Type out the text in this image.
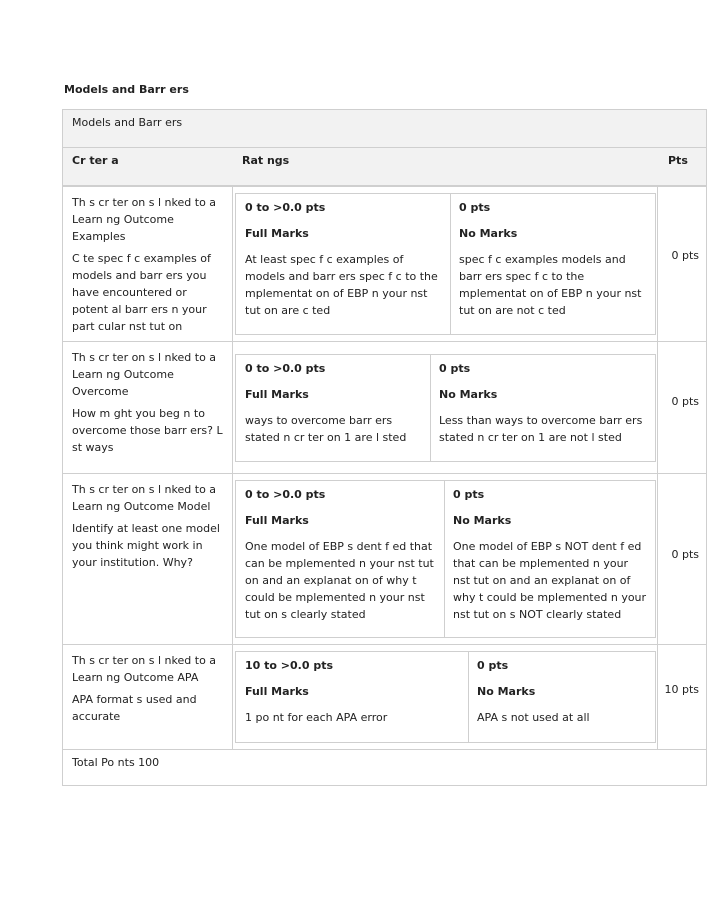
Models and Barr ers
Models and Barr ers
Cr ter a	Rat ngs	Pts

Th s cr ter on s l nked to a Learn ng Outcome Examples

C te spec f c examples of models and barr ers you have encountered or potent al barr ers n your part cular nst tut on

0 to >0.0 pts
Full Marks
At least spec f c examples of models and barr ers spec f c to the mplementat on of EBP n your nst tut on are c ted
0 pts
No Marks
spec f c examples models and barr ers spec f c to the mplementat on of EBP n your nst tut on are not c ted
0 pts

Th s cr ter on s l nked to a Learn ng Outcome Overcome

How m ght you beg n to overcome those barr ers? L st ways

0 to >0.0 pts
Full Marks
ways to overcome barr ers stated n cr ter on 1 are l sted
0 pts
No Marks
Less than ways to overcome barr ers stated n cr ter on 1 are not l sted
0 pts

Th s cr ter on s l nked to a Learn ng Outcome Model

Identify at least one model you think might work in your institution. Why?

0 to >0.0 pts
Full Marks
One model of EBP s dent f ed that can be mplemented n your nst tut on and an explanat on of why t could be mplemented n your nst tut on s clearly stated
0 pts
No Marks
One model of EBP s NOT dent f ed that can be mplemented n your nst tut on and an explanat on of why t could be mplemented n your nst tut on s NOT clearly stated
0 pts

Th s cr ter on s l nked to a Learn ng Outcome APA

APA format s used and accurate

10 to >0.0 pts
Full Marks
1 po nt for each APA error
0 pts
No Marks
APA s not used at all
10 pts
Total Po nts 100
